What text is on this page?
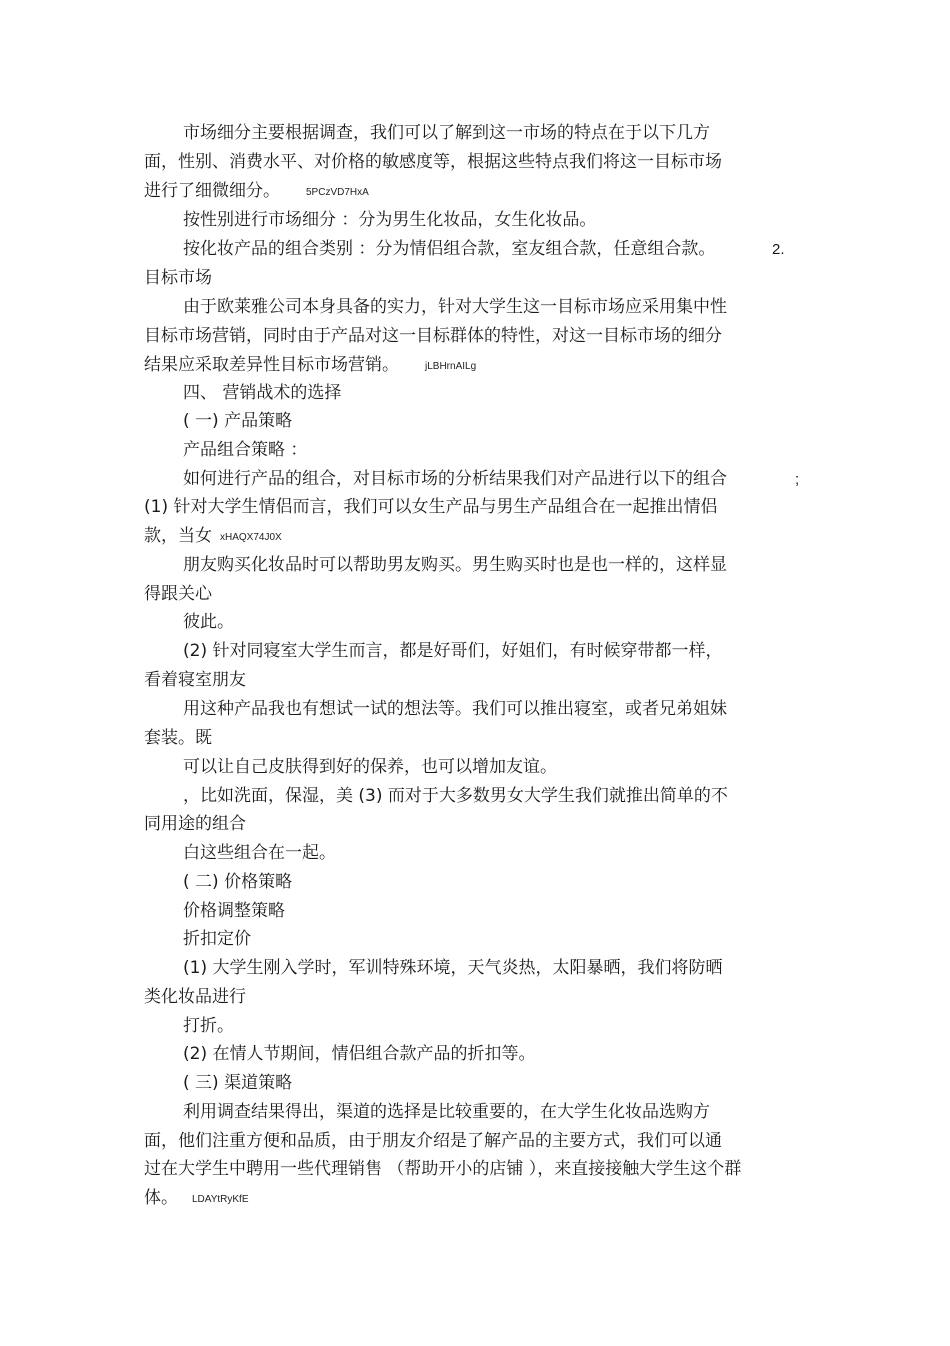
市场细分主要根据调查，我们可以了解到这一市场的特点在于以下几方
面，性别、消费水平、对价格的敏感度等，根据这些特点我们将这一目标市场
进行了细微细分。	5PCzVD7HxA
按性别进行市场细分 ：分为男生化妆品，女生化妆品。
按化妆产品的组合类别 ：分为情侣组合款，室友组合款，任意组合款。	2.
目标市场
由于欧莱雅公司本身具备的实力，针对大学生这一目标市场应采用集中性
目标市场营销，同时由于产品对这一目标群体的特性，对这一目标市场的细分
结果应采取差异性目标市场营销。	jLBHrnAILg
四、 营销战术的选择
( 一) 产品策略
产品组合策略 ：
如何进行产品的组合，对目标市场的分析结果我们对产品进行以下的组合	;
(1) 针对大学生情侣而言，我们可以女生产品与男生产品组合在一起推出情侣
款，当女 xHAQX74J0X
朋友购买化妆品时可以帮助男友购买。男生购买时也是也一样的，这样显
得跟关心
彼此。
(2) 针对同寝室大学生而言，都是好哥们，好姐们，有时候穿带都一样，
看着寝室朋友
用这种产品我也有想试一试的想法等。我们可以推出寝室，或者兄弟姐妹
套装。既
可以让自己皮肤得到好的保养，也可以增加友谊。
，比如洗面，保湿，美 (3) 而对于大多数男女大学生我们就推出简单的不
同用途的组合
白这些组合在一起。
( 二) 价格策略
价格调整策略
折扣定价
(1) 大学生刚入学时，军训特殊环境，天气炎热，太阳暴晒，我们将防晒
类化妆品进行
打折。
(2) 在情人节期间，情侣组合款产品的折扣等。
( 三) 渠道策略
利用调查结果得出，渠道的选择是比较重要的，在大学生化妆品选购方
面，他们注重方便和品质，由于朋友介绍是了解产品的主要方式，我们可以通
过在大学生中聘用一些代理销售 （帮助开小的店铺 ），来直接接触大学生这个群
体。 LDAYtRyKfE
